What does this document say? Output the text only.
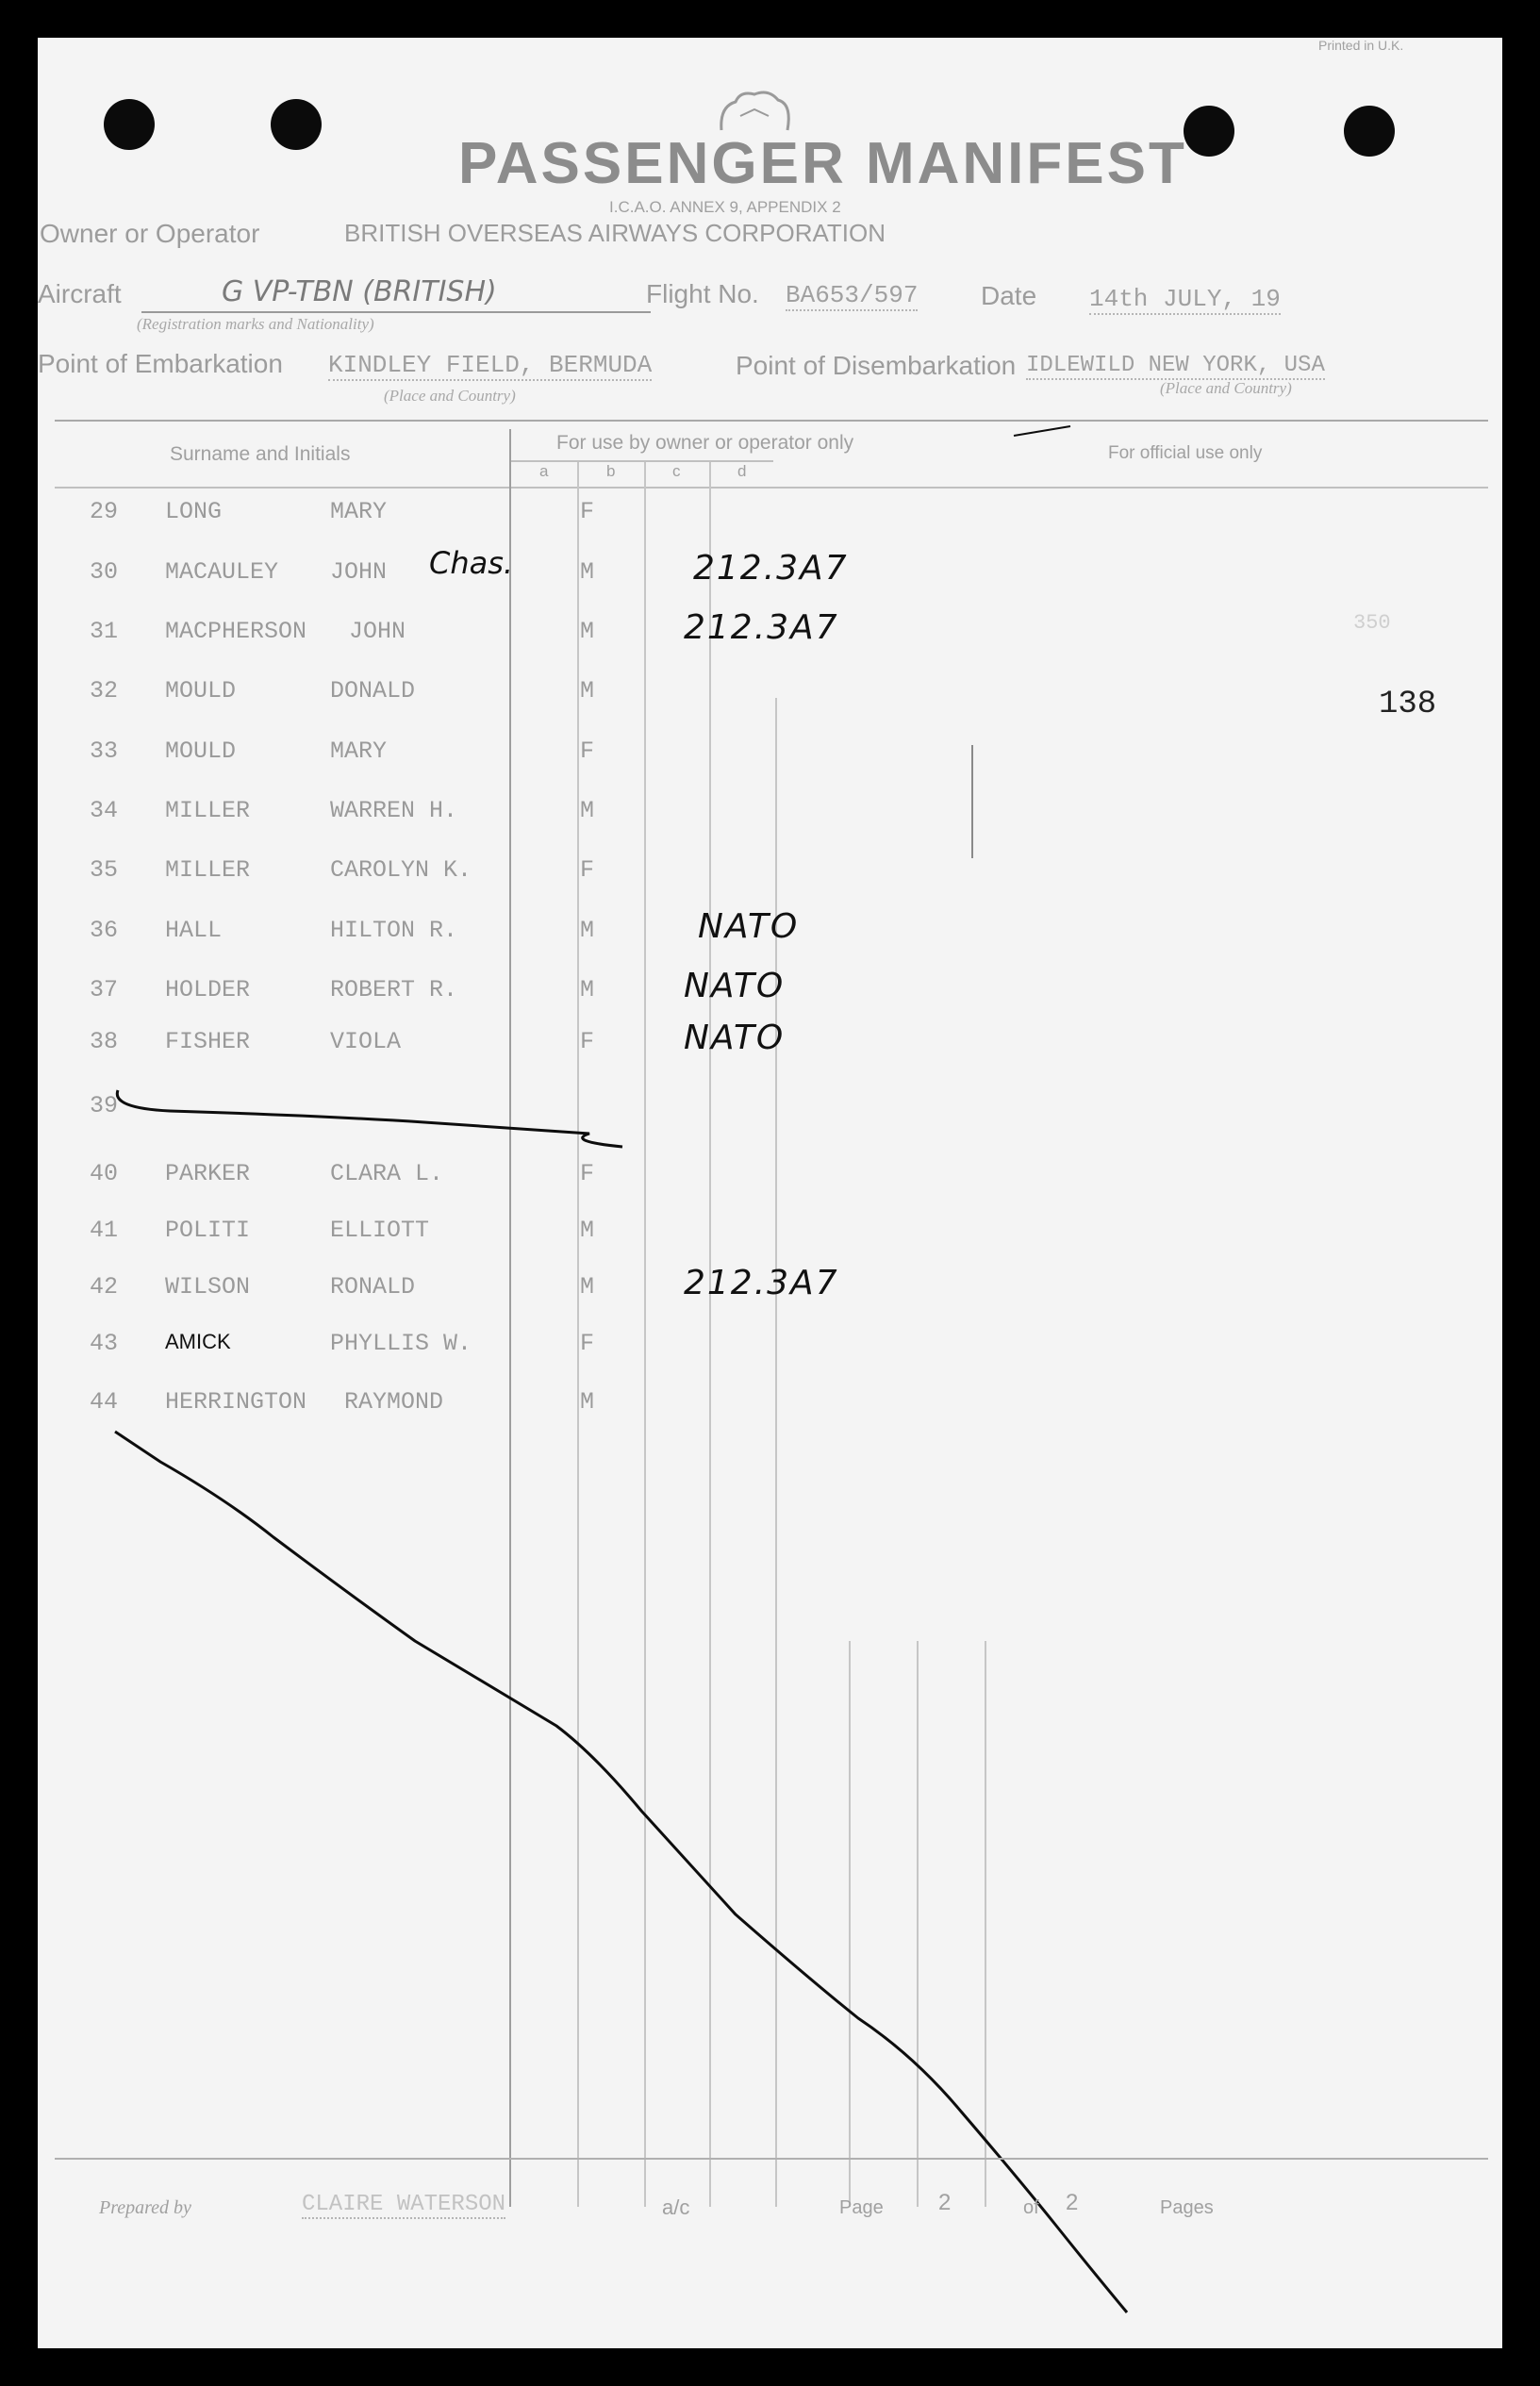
Printed in U.K.
PASSENGER MANIFEST
I.C.A.O. ANNEX 9, APPENDIX 2
Owner or Operator	BRITISH OVERSEAS AIRWAYS CORPORATION
Aircraft	G VP-TBN (BRITISH)
(Registration marks and Nationality)
Flight No. BA653/597 Date 14th JULY, 19
Point of Embarkation KINDLEY FIELD, BERMUDA
(Place and Country)
Point of Disembarkation IDLEWILD NEW YORK, USA
(Place and Country)
Surname and Initials
For use by owner or operator only	For official use only
a	b	c	d
29	LONG	MARY	F
30	MACAULEY JOHN Chas.	M	212.3A7
31	MACPHERSON JOHN	M	212.3A7
32	MOULD	DONALD	M
33	MOULD	MARY	F
34	MILLER	WARREN H.	M
35	MILLER	CAROLYN K.	F
36	HALL	HILTON R.	M	NATO
37	HOLDER	ROBERT R.	M	NATO
38	FISHER	VIOLA	F	NATO
39
40	PARKER	CLARA L.	F
41	POLITI	ELLIOTT	M
42	WILSON	RONALD	M	212.3A7
43	AMICK	PHYLLIS W.	F
44	HERRINGTON RAYMOND	M
138
350
Prepared by	CLAIRE WATERSON	a/c	Page 2	of 2	Pages
